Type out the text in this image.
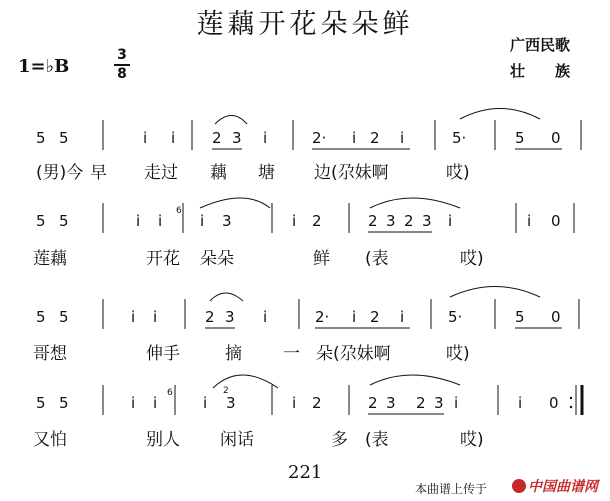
莲藕开花朵朵鲜
广西民歌
壮　　族
1=♭B
3
8
5 5	i i 2 3 i	2· i 2 i	5·	5 0
5 5	i i
6
i 3	i 2	2 3 2 3 i	i 0
5 5	i i	2 3 i	2· i 2 i	5·	5 0
5 5	i i
6
i 3
2
i 2	2 3 2 3 i	i 0
(男)今 早 走过 藕 塘 边(尕妹啊	哎)
莲藕	开花 朵朵	鲜 (表	哎)
哥想	伸手	摘 一 朵(尕妹啊	哎)
又怕	别人 闲话	多 (表	哎)
221
本曲谱上传于	中国曲谱网
